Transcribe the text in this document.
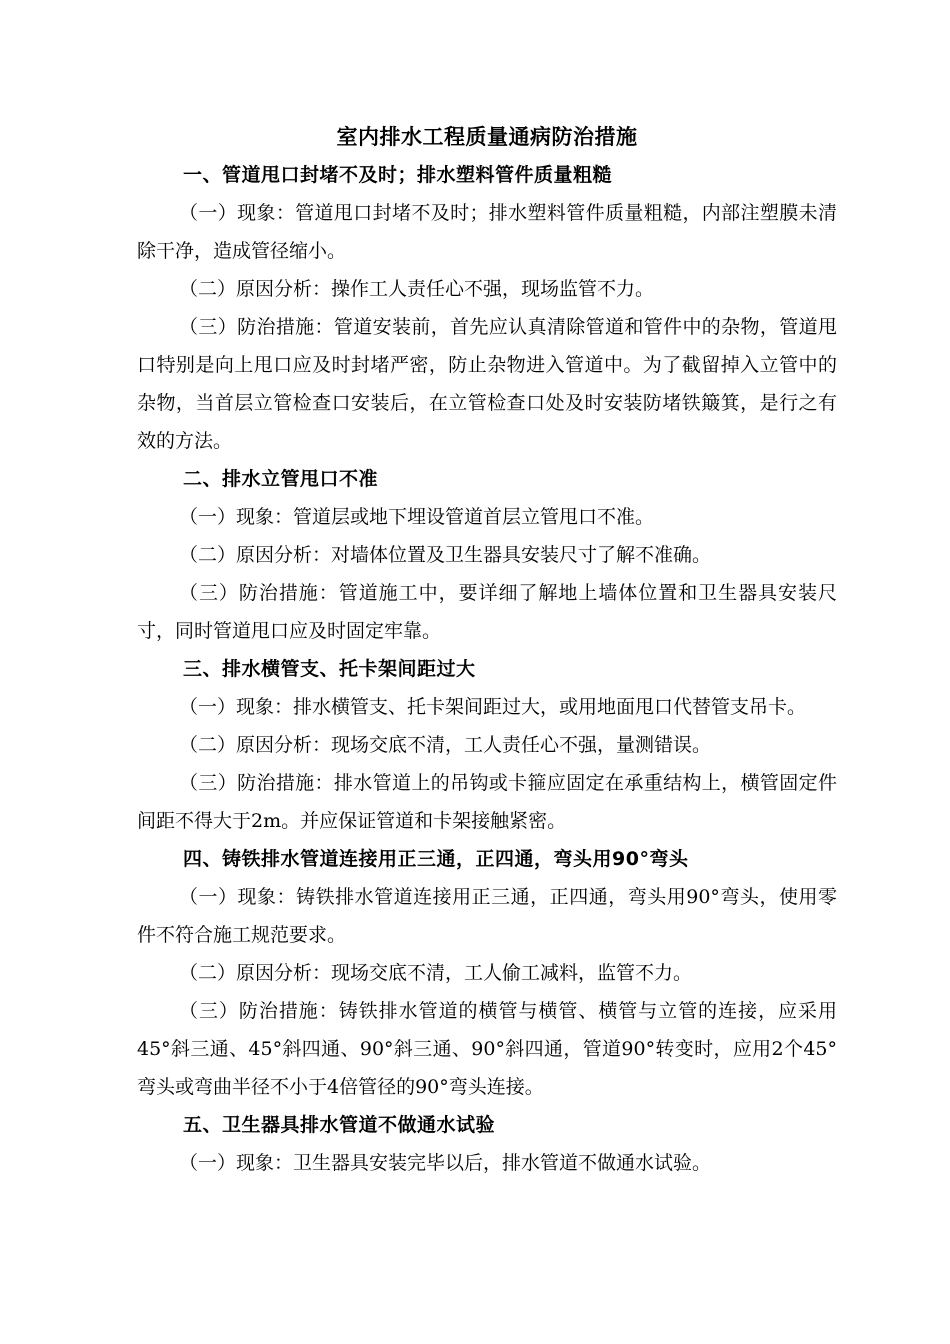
室内排水工程质量通病防治措施
一、管道甩口封堵不及时；排水塑料管件质量粗糙

（一）现象：管道甩口封堵不及时；排水塑料管件质量粗糙，内部注塑膜未清除干净，造成管径缩小。

（二）原因分析：操作工人责任心不强，现场监管不力。

（三）防治措施：管道安装前，首先应认真清除管道和管件中的杂物，管道甩口特别是向上甩口应及时封堵严密，防止杂物进入管道中。为了截留掉入立管中的杂物，当首层立管检查口安装后，在立管检查口处及时安装防堵铁簸箕，是行之有效的方法。

二、排水立管甩口不准

（一）现象：管道层或地下埋设管道首层立管甩口不准。

（二）原因分析：对墙体位置及卫生器具安装尺寸了解不准确。

（三）防治措施：管道施工中，要详细了解地上墙体位置和卫生器具安装尺寸，同时管道甩口应及时固定牢靠。

三、排水横管支、托卡架间距过大

（一）现象：排水横管支、托卡架间距过大，或用地面甩口代替管支吊卡。

（二）原因分析：现场交底不清，工人责任心不强，量测错误。

（三）防治措施：排水管道上的吊钩或卡箍应固定在承重结构上，横管固定件间距不得大于2m。并应保证管道和卡架接触紧密。

四、铸铁排水管道连接用正三通，正四通，弯头用90°弯头

（一）现象：铸铁排水管道连接用正三通，正四通，弯头用90°弯头，使用零件不符合施工规范要求。

（二）原因分析：现场交底不清，工人偷工减料，监管不力。

（三）防治措施：铸铁排水管道的横管与横管、横管与立管的连接，应采用45°斜三通、45°斜四通、90°斜三通、90°斜四通，管道90°转变时，应用2个45°弯头或弯曲半径不小于4倍管径的90°弯头连接。

五、卫生器具排水管道不做通水试验

（一）现象：卫生器具安装完毕以后，排水管道不做通水试验。
